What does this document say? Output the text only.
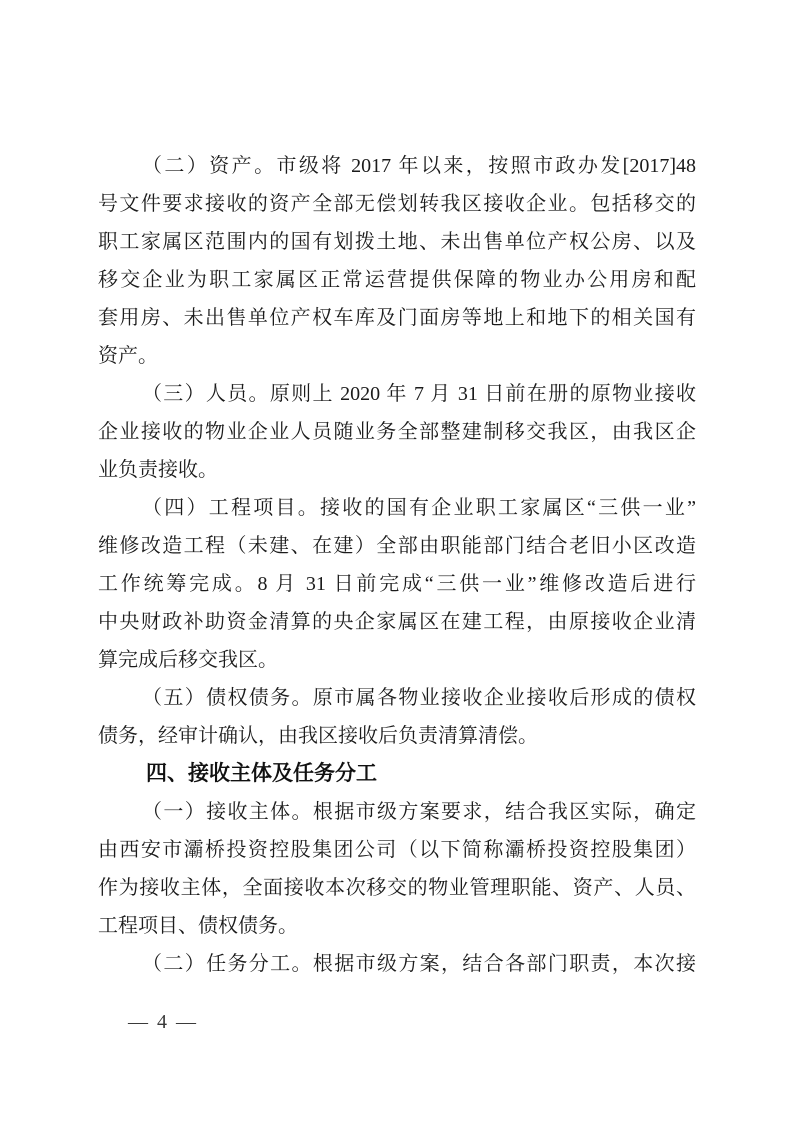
（二）资产。市级将 2017 年以来，按照市政办发[2017]48
号文件要求接收的资产全部无偿划转我区接收企业。包括移交的
职工家属区范围内的国有划拨土地、未出售单位产权公房、以及
移交企业为职工家属区正常运营提供保障的物业办公用房和配
套用房、未出售单位产权车库及门面房等地上和地下的相关国有
资产。
（三）人员。原则上 2020 年 7 月 31 日前在册的原物业接收
企业接收的物业企业人员随业务全部整建制移交我区，由我区企
业负责接收。
（四）工程项目。接收的国有企业职工家属区“三供一业”
维修改造工程（未建、在建）全部由职能部门结合老旧小区改造
工作统筹完成。8 月 31 日前完成“三供一业”维修改造后进行
中央财政补助资金清算的央企家属区在建工程，由原接收企业清
算完成后移交我区。
（五）债权债务。原市属各物业接收企业接收后形成的债权
债务，经审计确认，由我区接收后负责清算清偿。
四、接收主体及任务分工
（一）接收主体。根据市级方案要求，结合我区实际，确定
由西安市灞桥投资控股集团公司（以下简称灞桥投资控股集团）
作为接收主体，全面接收本次移交的物业管理职能、资产、人员、
工程项目、债权债务。
（二）任务分工。根据市级方案，结合各部门职责，本次接
— 4 —
